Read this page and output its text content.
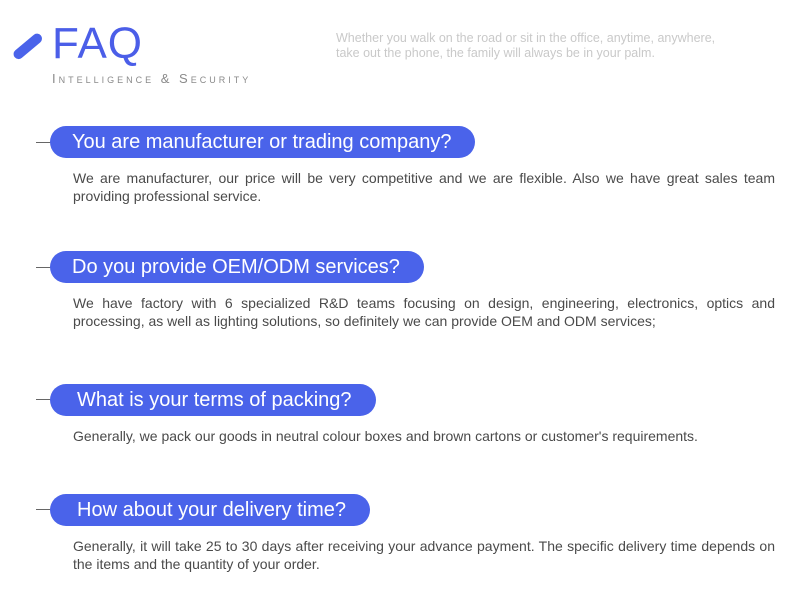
FAQ
Intelligence & Security
Whether you walk on the road or sit in the office, anytime, anywhere,
take out the phone, the family will always be in your palm.
You are manufacturer or trading company?
We are manufacturer, our price will be very competitive and we are flexible. Also we have great sales team providing professional service.
Do you provide OEM/ODM services?
We have factory with 6 specialized R&D teams focusing on design, engineering, electronics, optics and processing, as well as lighting solutions, so definitely we can provide OEM and ODM services;
What is your terms of packing?
Generally, we pack our goods in neutral colour boxes and brown cartons or customer's requirements.
How about your delivery time?
Generally, it will take 25 to 30 days after receiving your advance payment. The specific delivery time depends on the items and the quantity of your order.
